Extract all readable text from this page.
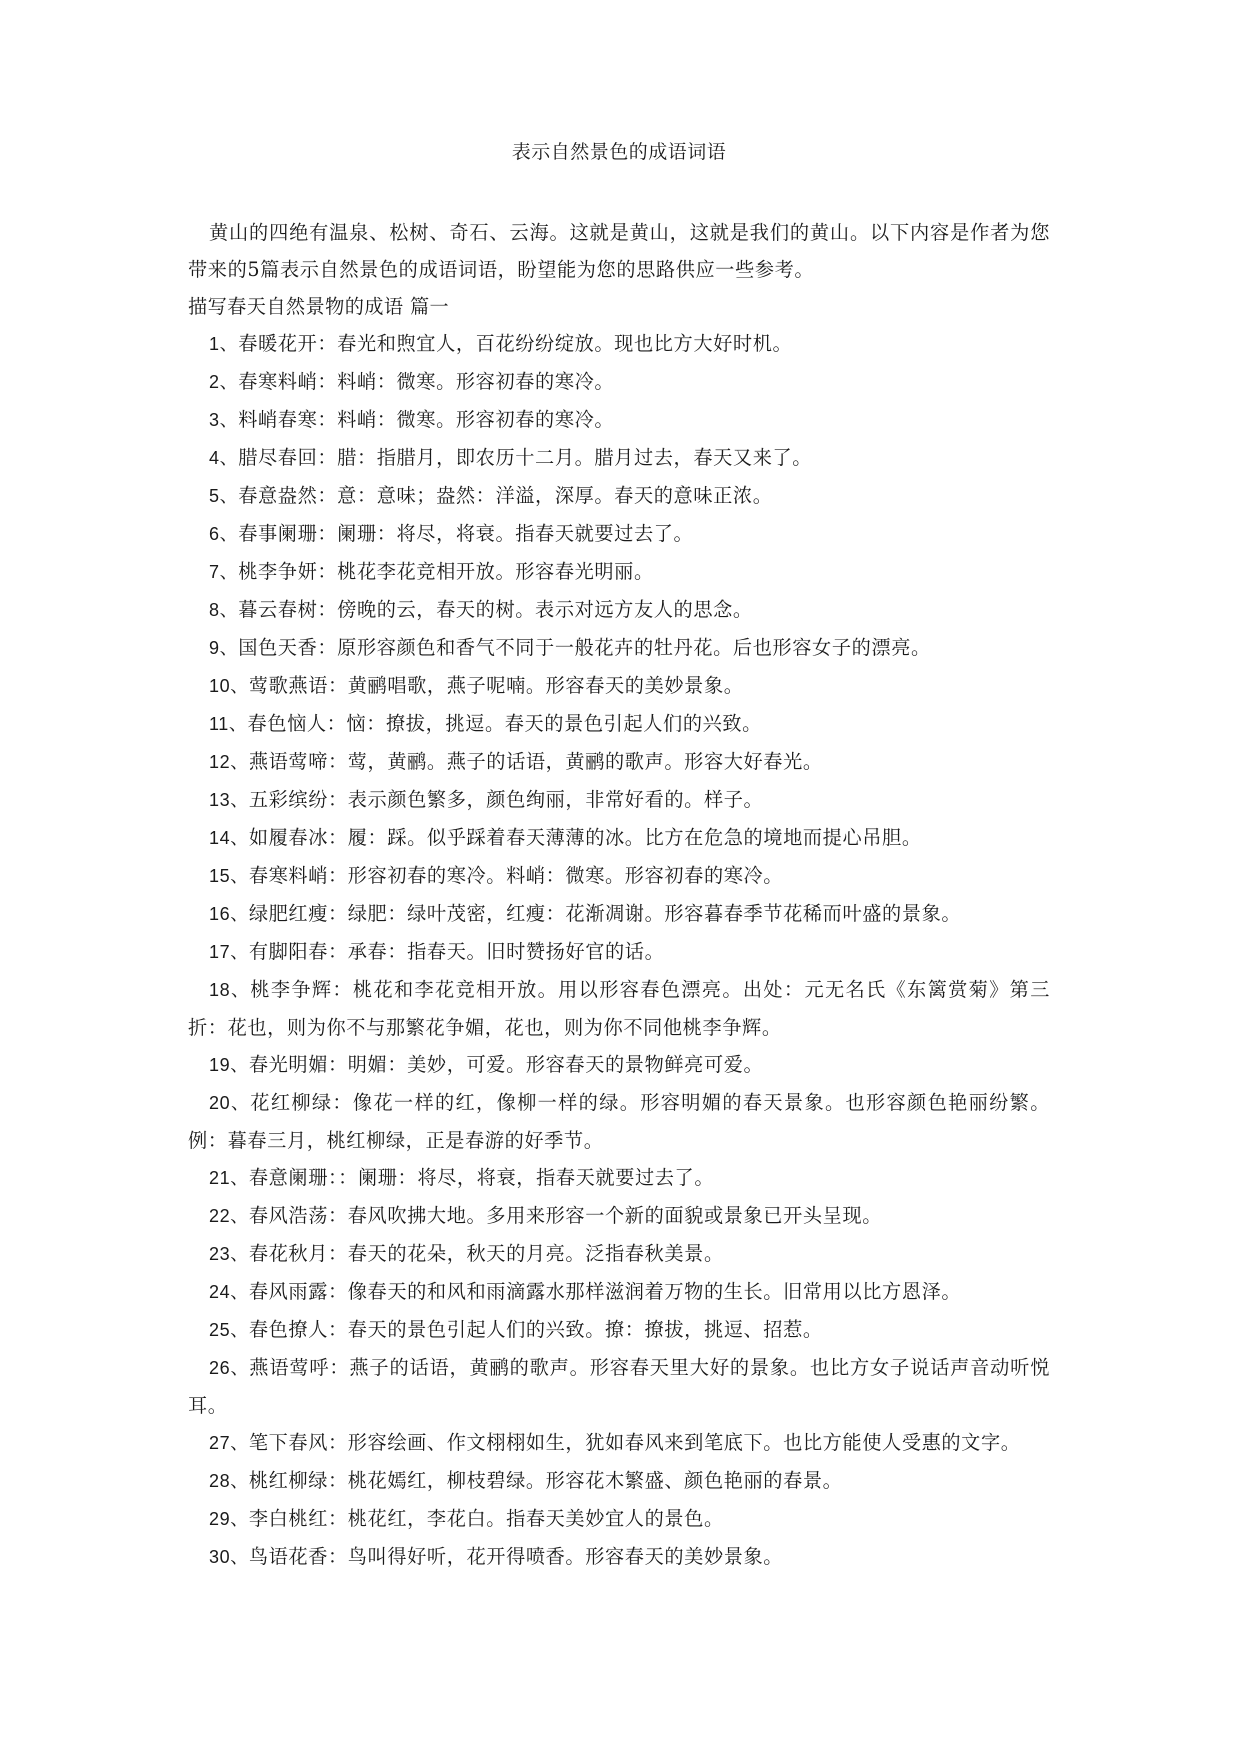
表示自然景色的成语词语

黄山的四绝有温泉、松树、奇石、云海。这就是黄山，这就是我们的黄山。以下内容是作者为您带来的5篇表示自然景色的成语词语，盼望能为您的思路供应一些参考。

描写春天自然景物的成语 篇一

1、春暖花开：春光和煦宜人，百花纷纷绽放。现也比方大好时机。

2、春寒料峭：料峭：微寒。形容初春的寒冷。

3、料峭春寒：料峭：微寒。形容初春的寒冷。

4、腊尽春回：腊：指腊月，即农历十二月。腊月过去，春天又来了。

5、春意盎然：意：意味；盎然：洋溢，深厚。春天的意味正浓。

6、春事阑珊：阑珊：将尽，将衰。指春天就要过去了。

7、桃李争妍：桃花李花竞相开放。形容春光明丽。

8、暮云春树：傍晚的云，春天的树。表示对远方友人的思念。

9、国色天香：原形容颜色和香气不同于一般花卉的牡丹花。后也形容女子的漂亮。

10、莺歌燕语：黄鹂唱歌，燕子呢喃。形容春天的美妙景象。

11、春色恼人：恼：撩拔，挑逗。春天的景色引起人们的兴致。

12、燕语莺啼：莺，黄鹂。燕子的话语，黄鹂的歌声。形容大好春光。

13、五彩缤纷：表示颜色繁多，颜色绚丽，非常好看的。样子。

14、如履春冰：履：踩。似乎踩着春天薄薄的冰。比方在危急的境地而提心吊胆。

15、春寒料峭：形容初春的寒冷。料峭：微寒。形容初春的寒冷。

16、绿肥红瘦：绿肥：绿叶茂密，红瘦：花渐凋谢。形容暮春季节花稀而叶盛的景象。

17、有脚阳春：承春：指春天。旧时赞扬好官的话。

18、桃李争辉：桃花和李花竞相开放。用以形容春色漂亮。出处：元无名氏《东篱赏菊》第三折：花也，则为你不与那繁花争媚，花也，则为你不同他桃李争辉。

19、春光明媚：明媚：美妙，可爱。形容春天的景物鲜亮可爱。

20、花红柳绿：像花一样的红，像柳一样的绿。形容明媚的春天景象。也形容颜色艳丽纷繁。例：暮春三月，桃红柳绿，正是春游的好季节。

21、春意阑珊：：阑珊：将尽，将衰，指春天就要过去了。

22、春风浩荡：春风吹拂大地。多用来形容一个新的面貌或景象已开头呈现。

23、春花秋月：春天的花朵，秋天的月亮。泛指春秋美景。

24、春风雨露：像春天的和风和雨滴露水那样滋润着万物的生长。旧常用以比方恩泽。

25、春色撩人：春天的景色引起人们的兴致。撩：撩拔，挑逗、招惹。

26、燕语莺呼：燕子的话语，黄鹂的歌声。形容春天里大好的景象。也比方女子说话声音动听悦耳。

27、笔下春风：形容绘画、作文栩栩如生，犹如春风来到笔底下。也比方能使人受惠的文字。

28、桃红柳绿：桃花嫣红，柳枝碧绿。形容花木繁盛、颜色艳丽的春景。

29、李白桃红：桃花红，李花白。指春天美妙宜人的景色。

30、鸟语花香：鸟叫得好听，花开得喷香。形容春天的美妙景象。
